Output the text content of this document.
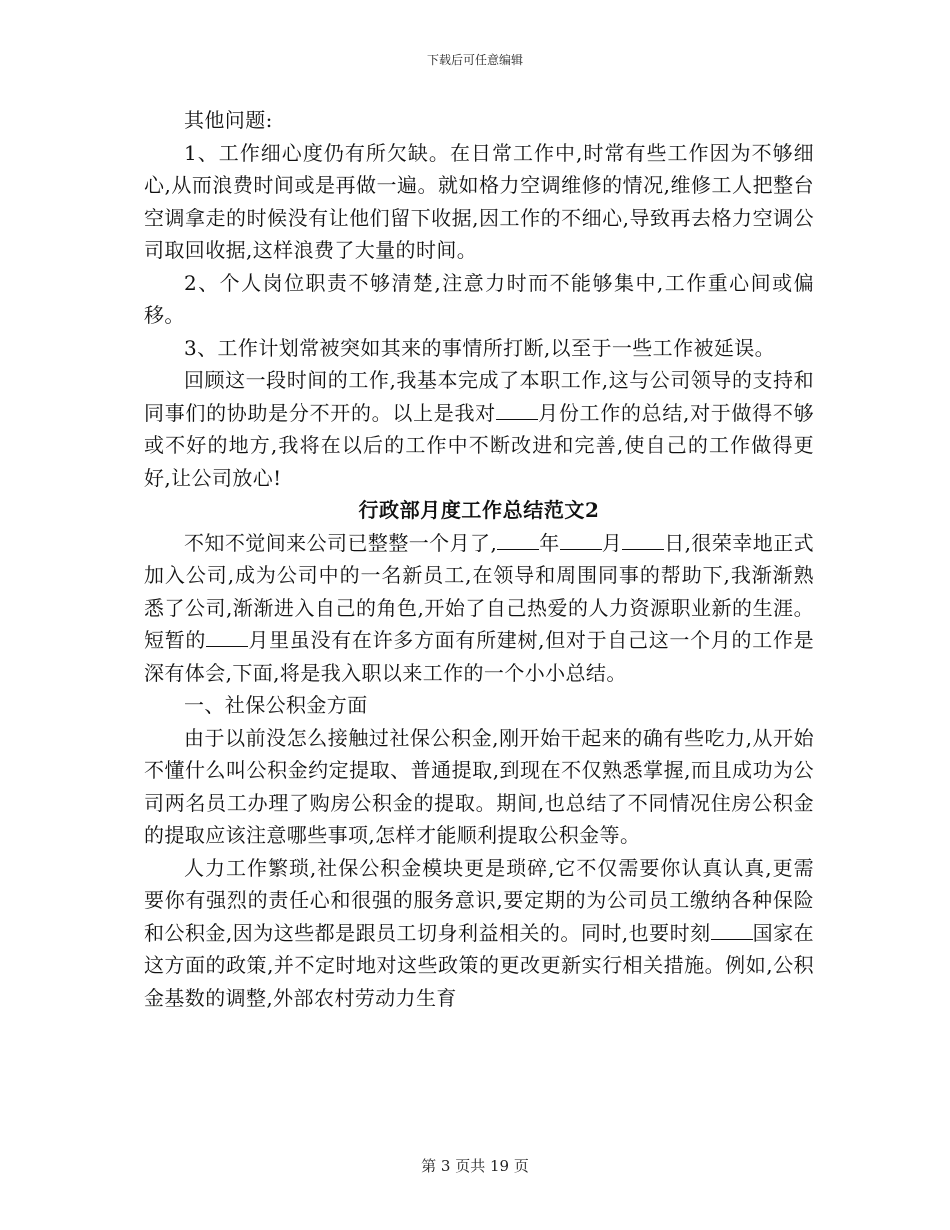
下载后可任意编辑

其他问题:

1、工作细心度仍有所欠缺。在日常工作中,时常有些工作因为不够细心,从而浪费时间或是再做一遍。就如格力空调维修的情况,维修工人把整台空调拿走的时候没有让他们留下收据,因工作的不细心,导致再去格力空调公司取回收据,这样浪费了大量的时间。

2、个人岗位职责不够清楚,注意力时而不能够集中,工作重心间或偏移。

3、工作计划常被突如其来的事情所打断,以至于一些工作被延误。

回顾这一段时间的工作,我基本完成了本职工作,这与公司领导的支持和同事们的协助是分不开的。以上是我对 月份工作的总结,对于做得不够或不好的地方,我将在以后的工作中不断改进和完善,使自己的工作做得更好,让公司放心!

行政部月度工作总结范文2

不知不觉间来公司已整整一个月了, 年 月 日,很荣幸地正式加入公司,成为公司中的一名新员工,在领导和周围同事的帮助下,我渐渐熟悉了公司,渐渐进入自己的角色,开始了自己热爱的人力资源职业新的生涯。短暂的 月里虽没有在许多方面有所建树,但对于自己这一个月的工作是深有体会,下面,将是我入职以来工作的一个小小总结。

一、社保公积金方面

由于以前没怎么接触过社保公积金,刚开始干起来的确有些吃力,从开始不懂什么叫公积金约定提取、普通提取,到现在不仅熟悉掌握,而且成功为公司两名员工办理了购房公积金的提取。期间,也总结了不同情况住房公积金的提取应该注意哪些事项,怎样才能顺利提取公积金等。

人力工作繁琐,社保公积金模块更是琐碎,它不仅需要你认真认真,更需要你有强烈的责任心和很强的服务意识,要定期的为公司员工缴纳各种保险和公积金,因为这些都是跟员工切身利益相关的。同时,也要时刻 国家在这方面的政策,并不定时地对这些政策的更改更新实行相关措施。例如,公积金基数的调整,外部农村劳动力生育

第 3 页共 19 页
